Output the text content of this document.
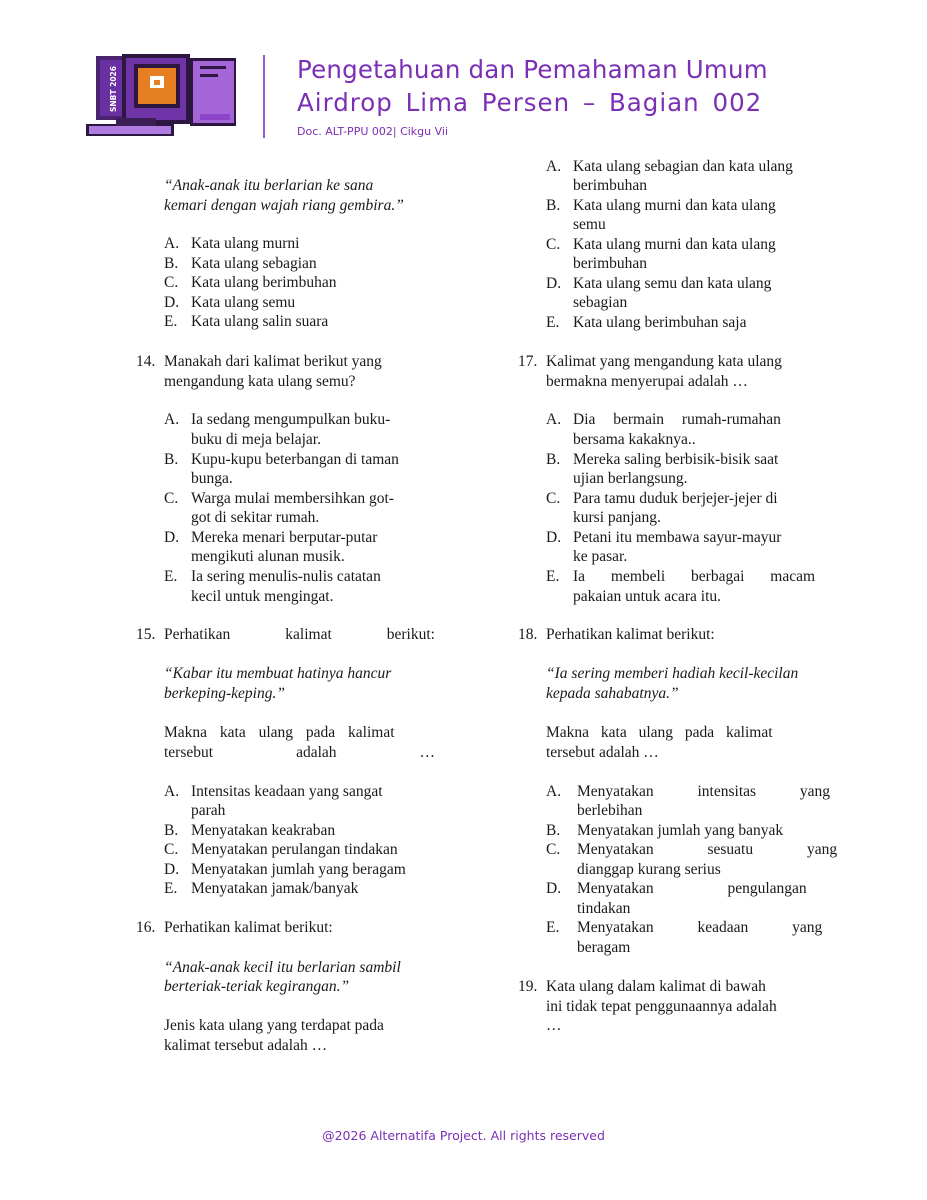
SNBT 2026	Pengetahuan dan Pemahaman Umum
Airdrop Lima Persen – Bagian 002
Doc. ALT-PPU 002| Cikgu Vii
“Anak-anak itu berlarian ke sana
kemari dengan wajah riang gembira.”
A. Kata ulang murni
B. Kata ulang sebagian
C. Kata ulang berimbuhan
D. Kata ulang semu
E. Kata ulang salin suara
14. Manakah dari kalimat berikut yang
mengandung kata ulang semu?
A. Ia sedang mengumpulkan buku-
buku di meja belajar.
B. Kupu-kupu beterbangan di taman
bunga.
C. Warga mulai membersihkan got-
got di sekitar rumah.
D. Mereka menari berputar-putar
mengikuti alunan musik.
E. Ia sering menulis-nulis catatan
kecil untuk mengingat.
15. Perhatikan	kalimat	berikut:
“Kabar itu membuat hatinya hancur
berkeping-keping.”
Makna kata ulang pada kalimat
tersebut	adalah	…
A. Intensitas keadaan yang sangat
parah
B. Menyatakan keakraban
C. Menyatakan perulangan tindakan
D. Menyatakan jumlah yang beragam
E. Menyatakan jamak/banyak
16. Perhatikan kalimat berikut:
“Anak-anak kecil itu berlarian sambil
berteriak-teriak kegirangan.”
Jenis kata ulang yang terdapat pada
kalimat tersebut adalah …
A. Kata ulang sebagian dan kata ulang
berimbuhan
B. Kata ulang murni dan kata ulang
semu
C. Kata ulang murni dan kata ulang
berimbuhan
D. Kata ulang semu dan kata ulang
sebagian
E. Kata ulang berimbuhan saja
17. Kalimat yang mengandung kata ulang
bermakna menyerupai adalah …
A. Dia bermain rumah-rumahan
bersama kakaknya..
B. Mereka saling berbisik-bisik saat
ujian berlangsung.
C. Para tamu duduk berjejer-jejer di
kursi panjang.
D. Petani itu membawa sayur-mayur
ke pasar.
E. Ia membeli berbagai macam
pakaian untuk acara itu.
18. Perhatikan kalimat berikut:
“Ia sering memberi hadiah kecil-kecilan
kepada sahabatnya.”
Makna kata ulang pada kalimat
tersebut adalah …
A. Menyatakan intensitas yang
berlebihan
B. Menyatakan jumlah yang banyak
C. Menyatakan sesuatu yang
dianggap kurang serius
D. Menyatakan pengulangan
tindakan
E. Menyatakan keadaan yang
beragam
19. Kata ulang dalam kalimat di bawah
ini tidak tepat penggunaannya adalah
…
@2026 Alternatifa Project. All rights reserved
